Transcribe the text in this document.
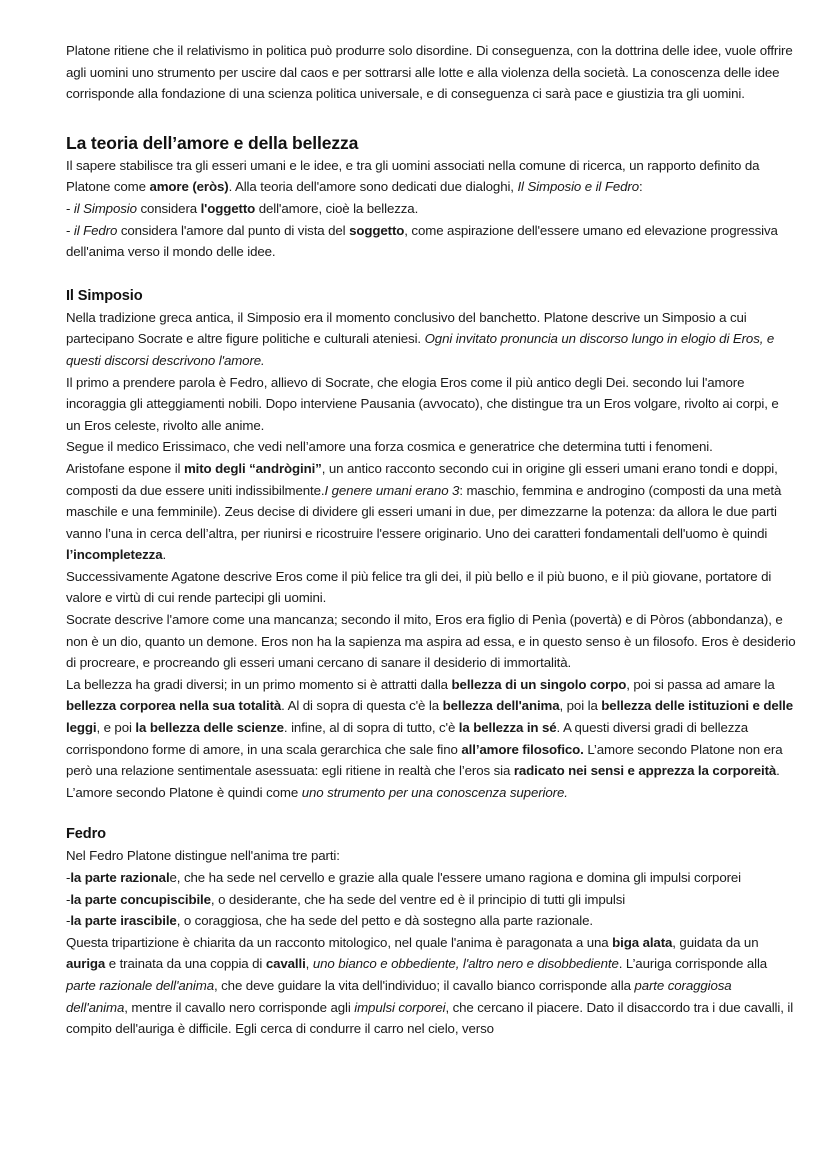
Platone ritiene che il relativismo in politica può produrre solo disordine. Di conseguenza, con la dottrina delle idee, vuole offrire agli uomini uno strumento per uscire dal caos e per sottrarsi alle lotte e alla violenza della società. La conoscenza delle idee corrisponde alla fondazione di una scienza politica universale, e di conseguenza ci sarà pace e giustizia tra gli uomini.

La teoria dell’amore e della bellezza

Il sapere stabilisce tra gli esseri umani e le idee, e tra gli uomini associati nella comune di ricerca, un rapporto definito da Platone come amore (eròs). Alla teoria dell'amore sono dedicati due dialoghi, Il Simposio e il Fedro:

- il Simposio considera l'oggetto dell'amore, cioè la bellezza.

- il Fedro considera l'amore dal punto di vista del soggetto, come aspirazione dell'essere umano ed elevazione progressiva dell'anima verso il mondo delle idee.

Il Simposio

Nella tradizione greca antica, il Simposio era il momento conclusivo del banchetto. Platone descrive un Simposio a cui partecipano Socrate e altre figure politiche e culturali ateniesi. Ogni invitato pronuncia un discorso lungo in elogio di Eros, e questi discorsi descrivono l'amore.

Il primo a prendere parola è Fedro, allievo di Socrate, che elogia Eros come il più antico degli Dei. secondo lui l'amore incoraggia gli atteggiamenti nobili. Dopo interviene Pausania (avvocato), che distingue tra un Eros volgare, rivolto ai corpi, e un Eros celeste, rivolto alle anime.

Segue il medico Erissimaco, che vedi nell’amore una forza cosmica e generatrice che determina tutti i fenomeni.

Aristofane espone il mito degli “andrògini”, un antico racconto secondo cui in origine gli esseri umani erano tondi e doppi, composti da due essere uniti indissibilmente.I genere umani erano 3: maschio, femmina e androgino (composti da una metà maschile e una femminile). Zeus decise di dividere gli esseri umani in due, per dimezzarne la potenza: da allora le due parti vanno l’una in cerca dell’altra, per riunirsi e ricostruire l'essere originario. Uno dei caratteri fondamentali dell'uomo è quindi l’incompletezza.

Successivamente Agatone descrive Eros come il più felice tra gli dei, il più bello e il più buono, e il più giovane, portatore di valore e virtù di cui rende partecipi gli uomini.

Socrate descrive l'amore come una mancanza; secondo il mito, Eros era figlio di Penìa (povertà) e di Pòros (abbondanza), e non è un dio, quanto un demone. Eros non ha la sapienza ma aspira ad essa, e in questo senso è un filosofo. Eros è desiderio di procreare, e procreando gli esseri umani cercano di sanare il desiderio di immortalità.

La bellezza ha gradi diversi; in un primo momento si è attratti dalla bellezza di un singolo corpo, poi si passa ad amare la bellezza corporea nella sua totalità. Al di sopra di questa c'è la bellezza dell'anima, poi la bellezza delle istituzioni e delle leggi, e poi la bellezza delle scienze. infine, al di sopra di tutto, c'è la bellezza in sé. A questi diversi gradi di bellezza corrispondono forme di amore, in una scala gerarchica che sale fino all’amore filosofico. L’amore secondo Platone non era però una relazione sentimentale asessuata: egli ritiene in realtà che l’eros sia radicato nei sensi e apprezza la corporeità. L’amore secondo Platone è quindi come uno strumento per una conoscenza superiore.

Fedro

Nel Fedro Platone distingue nell'anima tre parti:

-la parte razionale, che ha sede nel cervello e grazie alla quale l'essere umano ragiona e domina gli impulsi corporei

-la parte concupiscibile, o desiderante, che ha sede del ventre ed è il principio di tutti gli impulsi

-la parte irascibile, o coraggiosa, che ha sede del petto e dà sostegno alla parte razionale.

Questa tripartizione è chiarita da un racconto mitologico, nel quale l'anima è paragonata a una biga alata, guidata da un auriga e trainata da una coppia di cavalli, uno bianco e obbediente, l'altro nero e disobbediente. L’auriga corrisponde alla parte razionale dell'anima, che deve guidare la vita dell'individuo; il cavallo bianco corrisponde alla parte coraggiosa dell'anima, mentre il cavallo nero corrisponde agli impulsi corporei, che cercano il piacere. Dato il disaccordo tra i due cavalli, il compito dell'auriga è difficile. Egli cerca di condurre il carro nel cielo, verso
